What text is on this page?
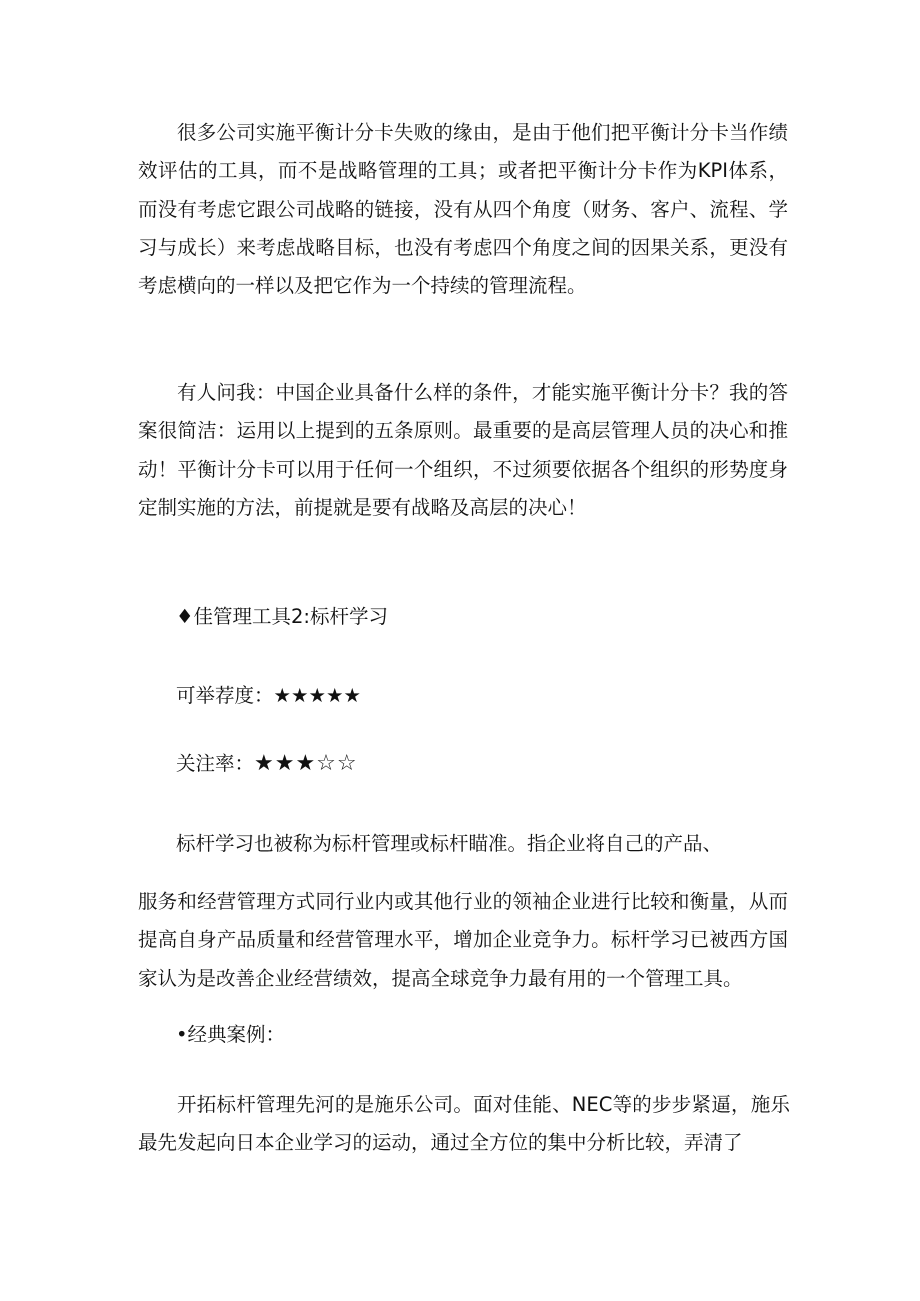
很多公司实施平衡计分卡失败的缘由，是由于他们把平衡计分卡当作绩效评估的工具，而不是战略管理的工具；或者把平衡计分卡作为KPI体系，而没有考虑它跟公司战略的链接，没有从四个角度（财务、客户、流程、学习与成长）来考虑战略目标，也没有考虑四个角度之间的因果关系，更没有考虑横向的一样以及把它作为一个持续的管理流程。

有人问我：中国企业具备什么样的条件，才能实施平衡计分卡？我的答案很简洁：运用以上提到的五条原则。最重要的是高层管理人员的决心和推动！平衡计分卡可以用于任何一个组织，不过须要依据各个组织的形势度身定制实施的方法，前提就是要有战略及高层的决心！

♦佳管理工具2:标杆学习

可举荐度：★★★★★

关注率：★★★☆☆

标杆学习也被称为标杆管理或标杆瞄准。指企业将自己的产品、

服务和经营管理方式同行业内或其他行业的领袖企业进行比较和衡量，从而提高自身产品质量和经营管理水平，增加企业竞争力。标杆学习已被西方国家认为是改善企业经营绩效，提高全球竞争力最有用的一个管理工具。

•经典案例：

开拓标杆管理先河的是施乐公司。面对佳能、NEC等的步步紧逼，施乐最先发起向日本企业学习的运动，通过全方位的集中分析比较，弄清了
